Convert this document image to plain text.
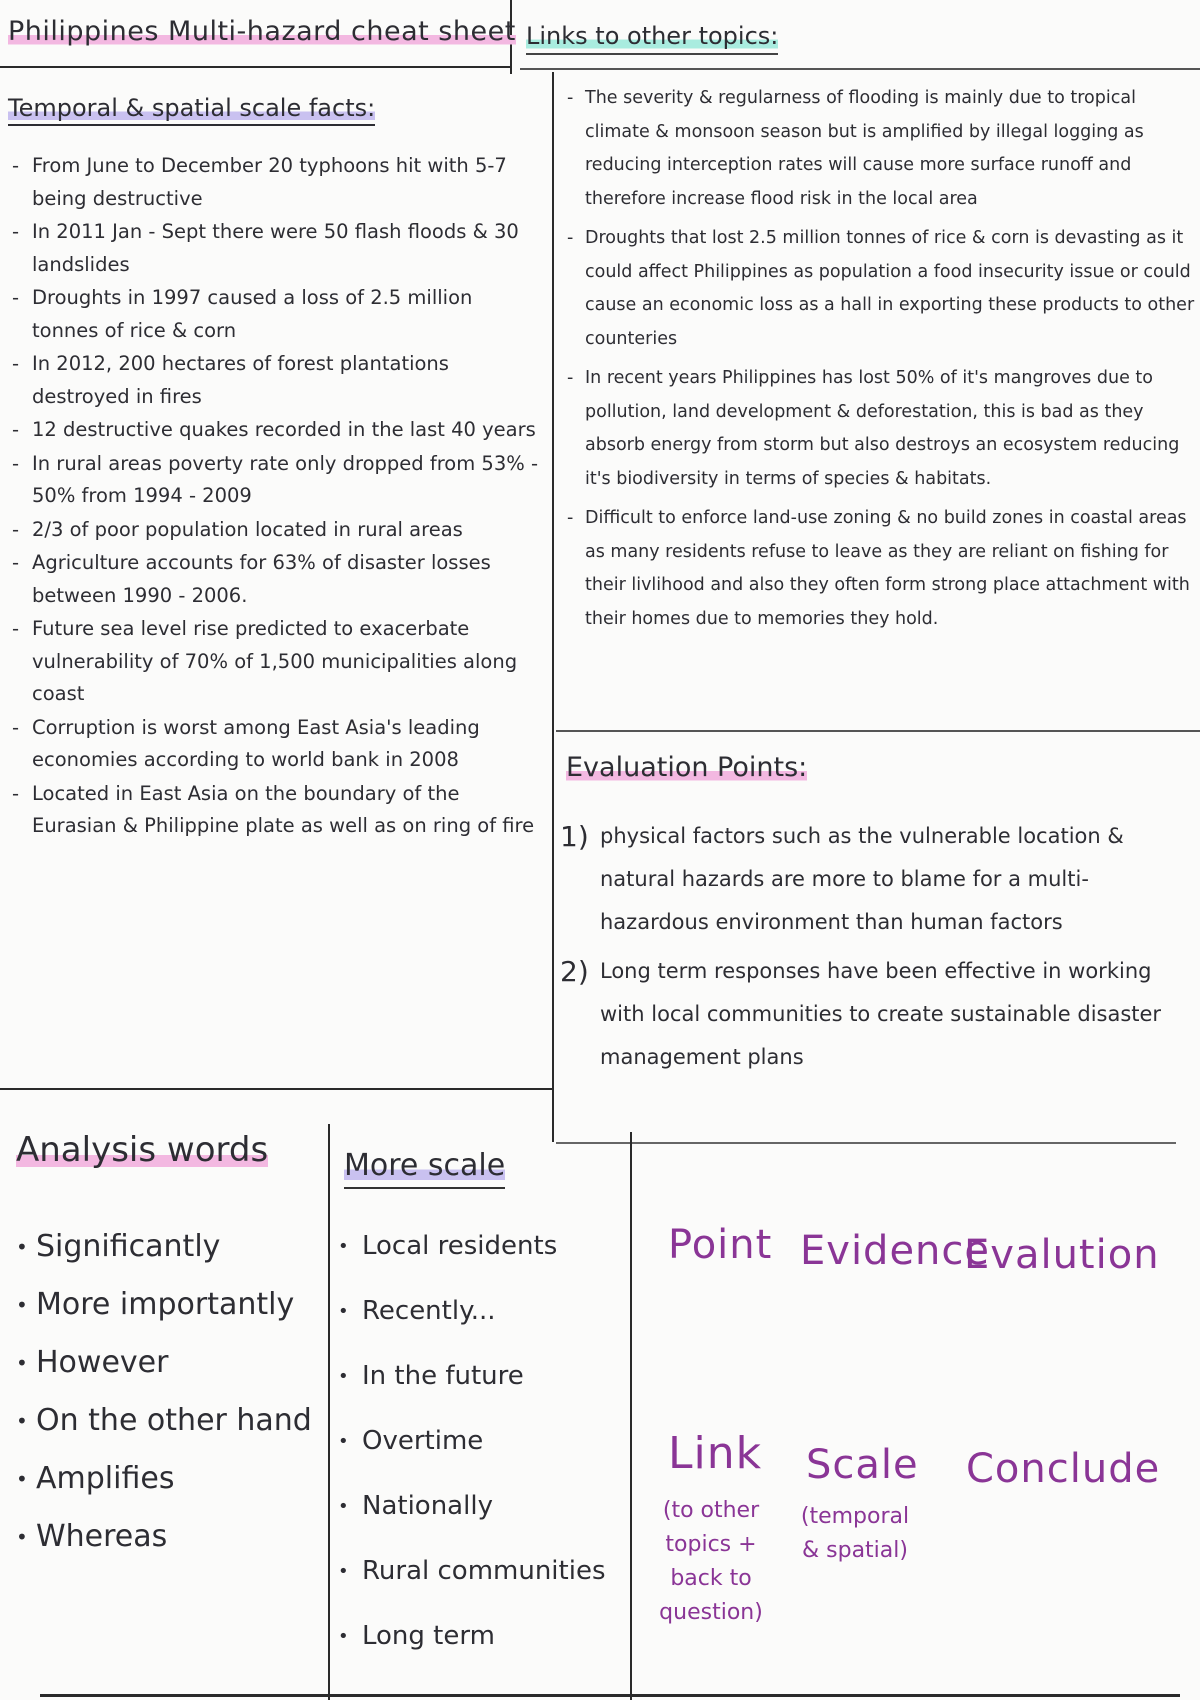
Philippines Multi-hazard cheat sheet Links to other topics:
Temporal & spatial scale facts:
- From June to December 20 typhoons hit with 5-7 being destructive
- In 2011 Jan - Sept there were 50 flash floods & 30 landslides
- Droughts in 1997 caused a loss of 2.5 million tonnes of rice & corn
- In 2012, 200 hectares of forest plantations destroyed in fires
- 12 destructive quakes recorded in the last 40 years
- In rural areas poverty rate only dropped from 53% - 50% from 1994 - 2009
- 2/3 of poor population located in rural areas
- Agriculture accounts for 63% of disaster losses between 1990 - 2006.
- Future sea level rise predicted to exacerbate vulnerability of 70% of 1,500 municipalities along coast
- Corruption is worst among East Asia's leading economies according to world bank in 2008
- Located in East Asia on the boundary of the Eurasian & Philippine plate as well as on ring of fire
- The severity & regularness of flooding is mainly due to tropical climate & monsoon season but is amplified by illegal logging as reducing interception rates will cause more surface runoff and therefore increase flood risk in the local area
- Droughts that lost 2.5 million tonnes of rice & corn is devasting as it could affect Philippines as population a food insecurity issue or could cause an economic loss as a hall in exporting these products to other counteries
- In recent years Philippines has lost 50% of it's mangroves due to pollution, land development & deforestation, this is bad as they absorb energy from storm but also destroys an ecosystem reducing it's biodiversity in terms of species & habitats.
- Difficult to enforce land-use zoning & no build zones in coastal areas as many residents refuse to leave as they are reliant on fishing for their livlihood and also they often form strong place attachment with their homes due to memories they hold.
Evaluation Points:
1) physical factors such as the vulnerable location & natural hazards are more to blame for a multi-hazardous environment than human factors
2) Long term responses have been effective in working with local communities to create sustainable disaster management plans
Analysis words
• Significantly
• More importantly
• However
• On the other hand
• Amplifies
• Whereas
More scale
• Local residents
• Recently...
• In the future
• Overtime
• Nationally
• Rural communities
• Long term
Point Evidence
Evalution
Link
(to other topics + back to question)
Scale
(temporal & spatial)
Conclude
